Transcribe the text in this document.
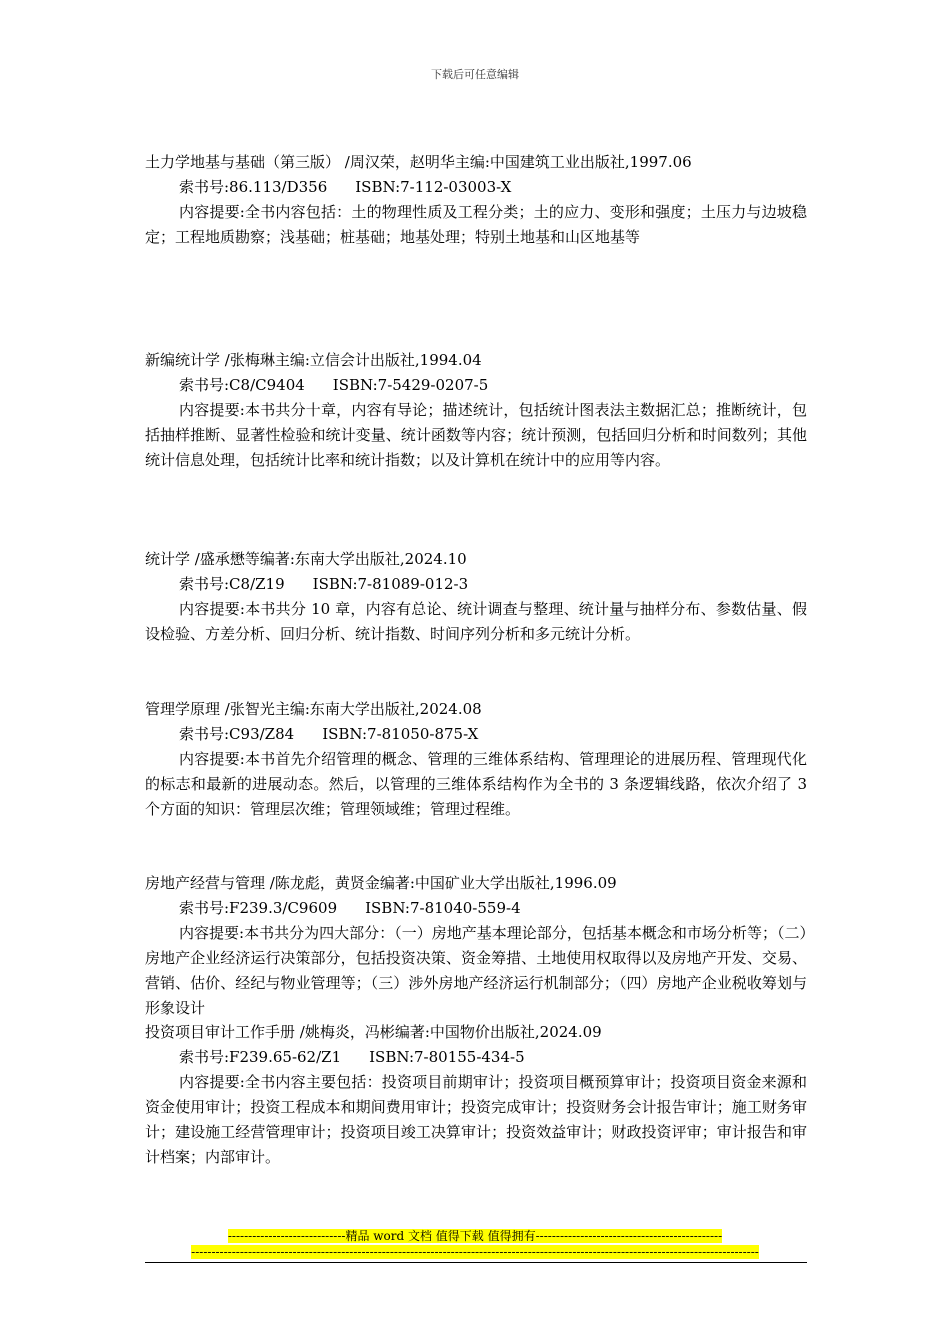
下载后可任意编辑

土力学地基与基础（第三版） /周汉荣，赵明华主编:中国建筑工业出版社,1997.06

索书号:86.113/D356 ISBN:7-112-03003-X

内容提要:全书内容包括：土的物理性质及工程分类；土的应力、变形和强度；土压力与边坡稳定；工程地质勘察；浅基础；桩基础；地基处理；特别土地基和山区地基等

新编统计学 /张梅琳主编:立信会计出版社,1994.04

索书号:C8/C9404 ISBN:7-5429-0207-5

内容提要:本书共分十章，内容有导论；描述统计，包括统计图表法主数据汇总；推断统计，包括抽样推断、显著性检验和统计变量、统计函数等内容；统计预测，包括回归分析和时间数列；其他统计信息处理，包括统计比率和统计指数；以及计算机在统计中的应用等内容。

统计学 /盛承懋等编著:东南大学出版社,2024.10

索书号:C8/Z19 ISBN:7-81089-012-3

内容提要:本书共分 10 章，内容有总论、统计调查与整理、统计量与抽样分布、参数估量、假设检验、方差分析、回归分析、统计指数、时间序列分析和多元统计分析。

管理学原理 /张智光主编:东南大学出版社,2024.08

索书号:C93/Z84 ISBN:7-81050-875-X

内容提要:本书首先介绍管理的概念、管理的三维体系结构、管理理论的进展历程、管理现代化的标志和最新的进展动态。然后，以管理的三维体系结构作为全书的 3 条逻辑线路，依次介绍了 3 个方面的知识：管理层次维；管理领域维；管理过程维。

房地产经营与管理 /陈龙彪，黄贤金编著:中国矿业大学出版社,1996.09

索书号:F239.3/C9609 ISBN:7-81040-559-4

内容提要:本书共分为四大部分：（一）房地产基本理论部分，包括基本概念和市场分析等；（二）房地产企业经济运行决策部分，包括投资决策、资金筹措、土地使用权取得以及房地产开发、交易、营销、估价、经纪与物业管理等；（三）涉外房地产经济运行机制部分；（四）房地产企业税收筹划与形象设计

投资项目审计工作手册 /姚梅炎，冯彬编著:中国物价出版社,2024.09

索书号:F239.65-62/Z1 ISBN:7-80155-434-5

内容提要:全书内容主要包括：投资项目前期审计；投资项目概预算审计；投资项目资金来源和资金使用审计；投资工程成本和期间费用审计；投资完成审计；投资财务会计报告审计；施工财务审计；建设施工经营管理审计；投资项目竣工决算审计；投资效益审计；财政投资评审；审计报告和审计档案；内部审计。

-----------------------------精品 word 文档 值得下载 值得拥有----------------------------------------------
--------------------------------------------------------------------------------------------------------------------------------------------
